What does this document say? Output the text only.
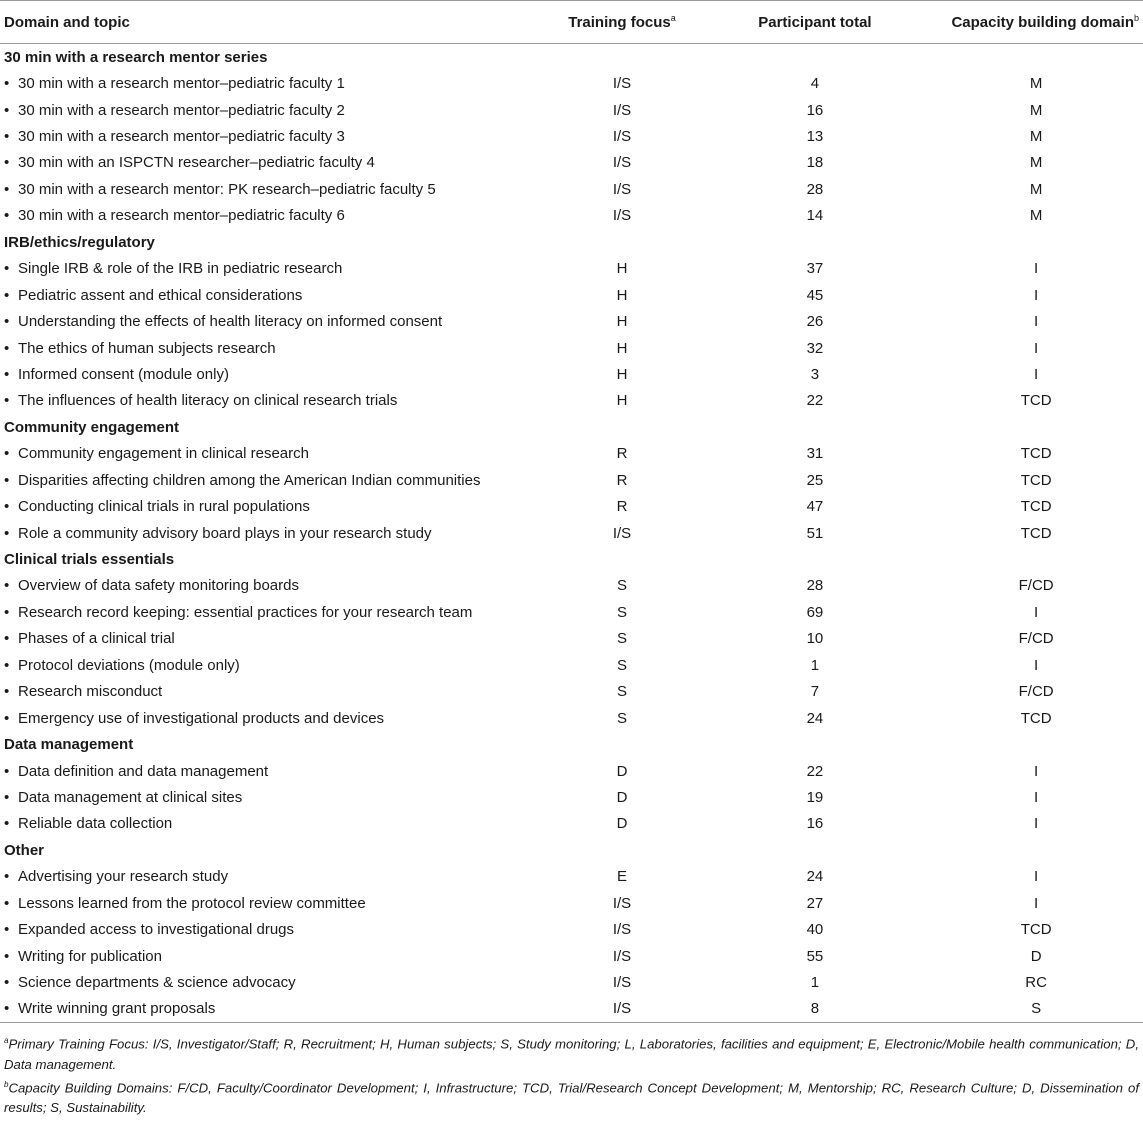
Domain and topic	Training focus$^a$	Participant total	Capacity building domain$^b$
30 min with a research mentor series			
• 30 min with a research mentor–pediatric faculty 1	I/S	4	M
• 30 min with a research mentor–pediatric faculty 2	I/S	16	M
• 30 min with a research mentor–pediatric faculty 3	I/S	13	M
• 30 min with an ISPCTN researcher–pediatric faculty 4	I/S	18	M
• 30 min with a research mentor: PK research–pediatric faculty 5	I/S	28	M
• 30 min with a research mentor–pediatric faculty 6	I/S	14	M
IRB/ethics/regulatory			
• Single IRB & role of the IRB in pediatric research	H	37	I
• Pediatric assent and ethical considerations	H	45	I
• Understanding the effects of health literacy on informed consent	H	26	I
• The ethics of human subjects research	H	32	I
• Informed consent (module only)	H	3	I
• The influences of health literacy on clinical research trials	H	22	TCD
Community engagement			
• Community engagement in clinical research	R	31	TCD
• Disparities affecting children among the American Indian communities	R	25	TCD
• Conducting clinical trials in rural populations	R	47	TCD
• Role a community advisory board plays in your research study	I/S	51	TCD
Clinical trials essentials			
• Overview of data safety monitoring boards	S	28	F/CD
• Research record keeping: essential practices for your research team	S	69	I
• Phases of a clinical trial	S	10	F/CD
• Protocol deviations (module only)	S	1	I
• Research misconduct	S	7	F/CD
• Emergency use of investigational products and devices	S	24	TCD
Data management			
• Data definition and data management	D	22	I
• Data management at clinical sites	D	19	I
• Reliable data collection	D	16	I
Other			
• Advertising your research study	E	24	I
• Lessons learned from the protocol review committee	I/S	27	I
• Expanded access to investigational drugs	I/S	40	TCD
• Writing for publication	I/S	55	D
• Science departments & science advocacy	I/S	1	RC
• Write winning grant proposals	I/S	8	S
$^a$Primary Training Focus: I/S, Investigator/Staff; R, Recruitment; H, Human subjects; S, Study monitoring; L, Laboratories, facilities and equipment; E, Electronic/Mobile health communication; D, Data management.
$^b$Capacity Building Domains: F/CD, Faculty/Coordinator Development; I, Infrastructure; TCD, Trial/Research Concept Development; M, Mentorship; RC, Research Culture; D, Dissemination of results; S, Sustainability.
